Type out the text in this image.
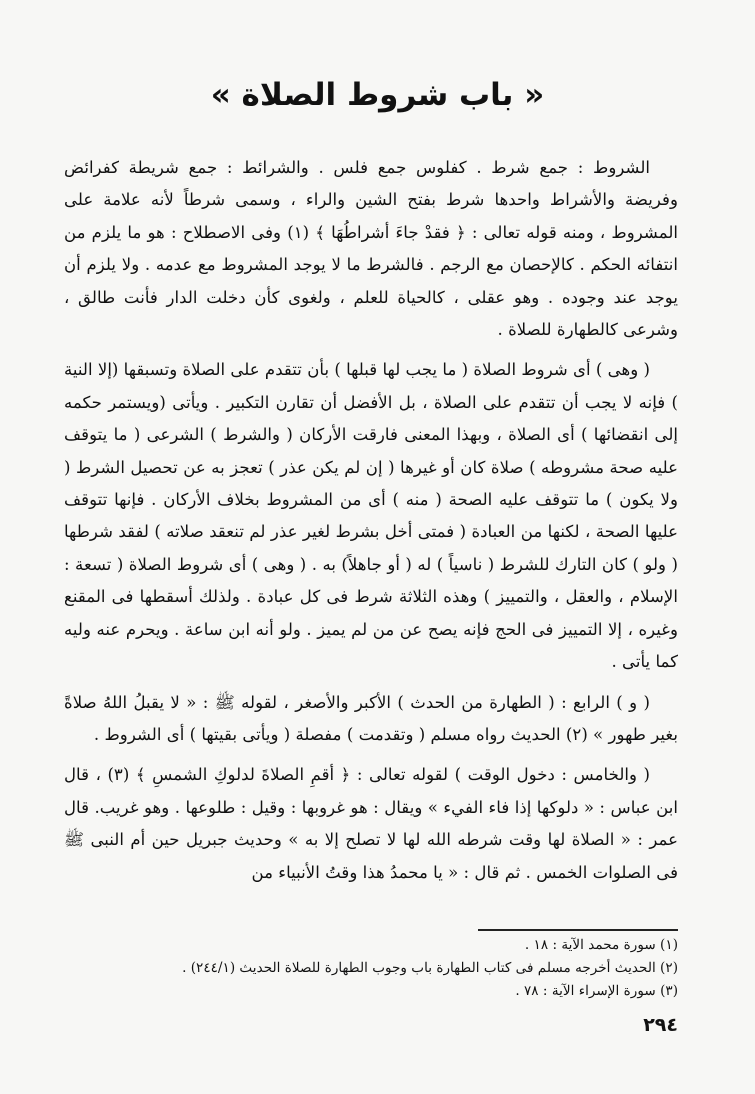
« باب شروط الصلاة »

الشروط : جمع شرط . كفلوس جمع فلس . والشرائط : جمع شريطة كفرائض وفريضة والأشراط واحدها شرط بفتح الشين والراء ، وسمى شرطاً لأنه علامة على المشروط ، ومنه قوله تعالى : ﴿ فقدْ جاءَ أشراطُهَا ﴾ (١) وفى الاصطلاح : هو ما يلزم من انتفائه الحكم . كالإحصان مع الرجم . فالشرط ما لا يوجد المشروط مع عدمه . ولا يلزم أن يوجد عند وجوده . وهو عقلى ، كالحياة للعلم ، ولغوى كأن دخلت الدار فأنت طالق ، وشرعى كالطهارة للصلاة .

( وهى ) أى شروط الصلاة ( ما يجب لها قبلها ) بأن تتقدم على الصلاة وتسبقها (إلا النية ) فإنه لا يجب أن تتقدم على الصلاة ، بل الأفضل أن تقارن التكبير . ويأتى (ويستمر حكمه إلى انقضائها ) أى الصلاة ، وبهذا المعنى فارقت الأركان ( والشرط ) الشرعى ( ما يتوقف عليه صحة مشروطه ) صلاة كان أو غيرها ( إن لم يكن عذر ) تعجز به عن تحصيل الشرط ( ولا يكون ) ما تتوقف عليه الصحة ( منه ) أى من المشروط بخلاف الأركان . فإنها تتوقف عليها الصحة ، لكنها من العبادة ( فمتى أخل بشرط لغير عذر لم تنعقد صلاته ) لفقد شرطها ( ولو ) كان التارك للشرط ( ناسياً ) له ( أو جاهلاً) به . ( وهى ) أى شروط الصلاة ( تسعة : الإسلام ، والعقل ، والتمييز ) وهذه الثلاثة شرط فى كل عبادة . ولذلك أسقطها فى المقنع وغيره ، إلا التمييز فى الحج فإنه يصح عن من لم يميز . ولو أنه ابن ساعة . ويحرم عنه وليه كما يأتى .

( و ) الرابع : ( الطهارة من الحدث ) الأكبر والأصغر ، لقوله ﷺ : « لا يقبلُ اللهُ صلاةً بغير طهور » (٢) الحديث رواه مسلم ( وتقدمت ) مفصلة ( ويأتى بقيتها ) أى الشروط .

( والخامس : دخول الوقت ) لقوله تعالى : ﴿ أقمِ الصلاةَ لدلوكِ الشمسِ ﴾ (٣) ، قال ابن عباس : « دلوكها إذا فاء الفيء » ويقال : هو غروبها : وقيل : طلوعها . وهو غريب. قال عمر : « الصلاة لها وقت شرطه الله لها لا تصلح إلا به » وحديث جبريل حين أم النبى ﷺ فى الصلوات الخمس . ثم قال : « يا محمدُ هذا وقتُ الأنبياء من

(١) سورة محمد الآية : ١٨ .
(٢) الحديث أخرجه مسلم فى كتاب الطهارة باب وجوب الطهارة للصلاة الحديث (٢٤٤/١) .
(٣) سورة الإسراء الآية : ٧٨ .
٢٩٤
